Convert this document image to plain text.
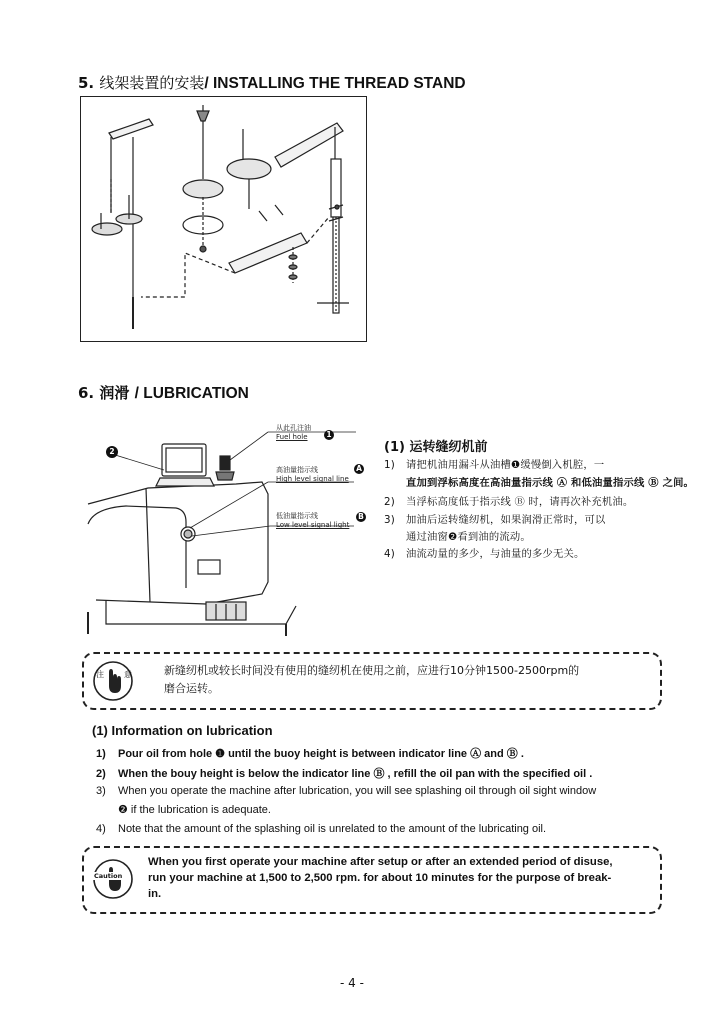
5. 线架装置的安装/ INSTALLING THE THREAD STAND
6. 润滑 / LUBRICATION
2
从此孔注油
Fuel hole	1
高油量指示线
High level signal line
A
低油量指示线
Low level signal light
B
(1) 运转缝纫机前
1) 请把机油用漏斗从油槽❶缓慢倒入机腔，一
直加到浮标高度在高油量指示线 Ⓐ 和低油量指示线 Ⓑ 之间。
2) 当浮标高度低于指示线 Ⓑ 时，请再次补充机油。
3) 加油后运转缝纫机，如果润滑正常时，可以
通过油窗❷看到油的流动。
4) 油流动量的多少，与油量的多少无关。
注	意	新缝纫机或较长时间没有使用的缝纫机在使用之前，应进行10分钟1500-2500rpm的
磨合运转。
(1) Information on lubrication
1) Pour oil from hole ❶ until the buoy height is between indicator line Ⓐ and Ⓑ .
2) When the bouy height is below the indicator line Ⓑ , refill the oil pan with the specified oil .
3) When you operate the machine after lubrication, you will see splashing oil through oil sight window
❷ if the lubrication is adequate.
4) Note that the amount of the splashing oil is unrelated to the amount of the lubricating oil.
Caution
When you first operate your machine after setup or after an extended period of disuse,
run your machine at 1,500 to 2,500 rpm. for about 10 minutes for the purpose of break-
in.
- 4 -
